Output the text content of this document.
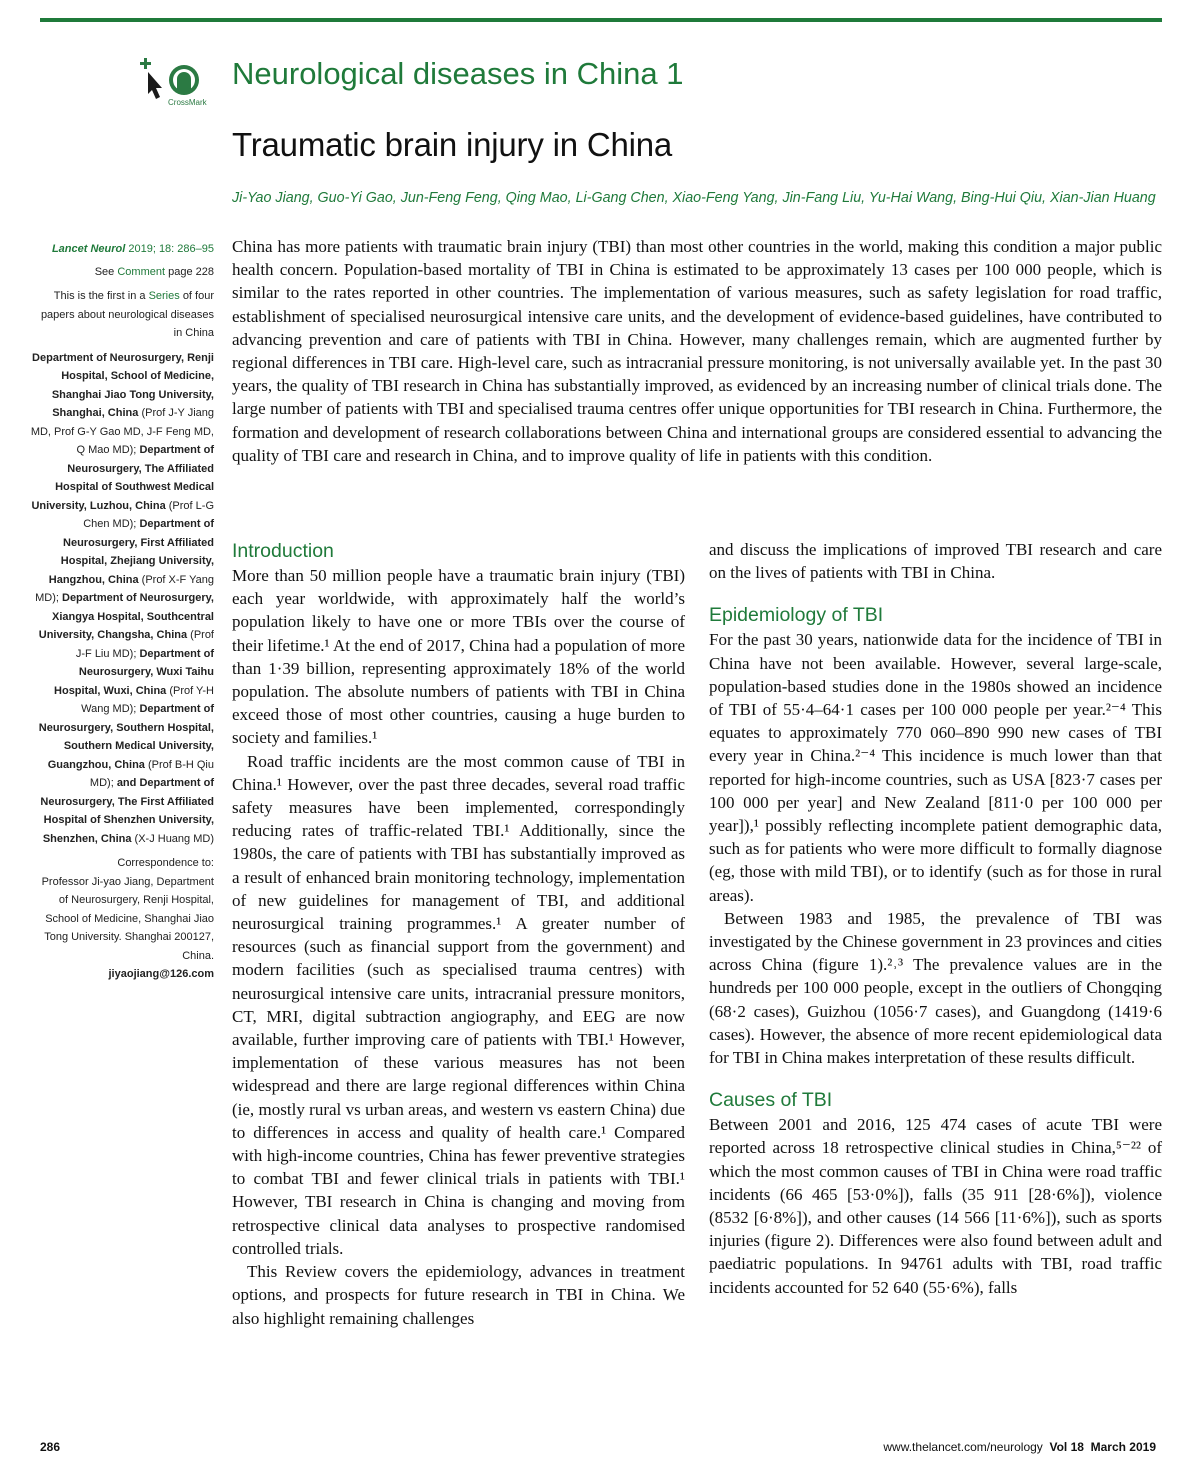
CrossMark
Neurological diseases in China 1
Traumatic brain injury in China
Ji-Yao Jiang, Guo-Yi Gao, Jun-Feng Feng, Qing Mao, Li-Gang Chen, Xiao-Feng Yang, Jin-Fang Liu, Yu-Hai Wang, Bing-Hui Qiu, Xian-Jian Huang

Lancet Neurol 2019; 18: 286–95

See Comment page 228

This is the first in a Series of four papers about neurological diseases in China

Department of Neurosurgery, Renji Hospital, School of Medicine, Shanghai Jiao Tong University, Shanghai, China (Prof J-Y Jiang MD, Prof G-Y Gao MD, J-F Feng MD, Q Mao MD); Department of Neurosurgery, The Affiliated Hospital of Southwest Medical University, Luzhou, China (Prof L-G Chen MD); Department of Neurosurgery, First Affiliated Hospital, Zhejiang University, Hangzhou, China (Prof X-F Yang MD); Department of Neurosurgery, Xiangya Hospital, Southcentral University, Changsha, China (Prof J-F Liu MD); Department of Neurosurgery, Wuxi Taihu Hospital, Wuxi, China (Prof Y-H Wang MD); Department of Neurosurgery, Southern Hospital, Southern Medical University, Guangzhou, China (Prof B-H Qiu MD); and Department of Neurosurgery, The First Affiliated Hospital of Shenzhen University, Shenzhen, China (X-J Huang MD)

Correspondence to:

Professor Ji-yao Jiang, Department of Neurosurgery, Renji Hospital, School of Medicine, Shanghai Jiao Tong University. Shanghai 200127, China.

jiyaojiang@126.com

China has more patients with traumatic brain injury (TBI) than most other countries in the world, making this condition a major public health concern. Population-based mortality of TBI in China is estimated to be approximately 13 cases per 100 000 people, which is similar to the rates reported in other countries. The implementation of various measures, such as safety legislation for road traffic, establishment of specialised neurosurgical intensive care units, and the development of evidence-based guidelines, have contributed to advancing prevention and care of patients with TBI in China. However, many challenges remain, which are augmented further by regional differences in TBI care. High-level care, such as intracranial pressure monitoring, is not universally available yet. In the past 30 years, the quality of TBI research in China has substantially improved, as evidenced by an increasing number of clinical trials done. The large number of patients with TBI and specialised trauma centres offer unique opportunities for TBI research in China. Furthermore, the formation and development of research collaborations between China and international groups are considered essential to advancing the quality of TBI care and research in China, and to improve quality of life in patients with this condition.
Introduction

More than 50 million people have a traumatic brain injury (TBI) each year worldwide, with approximately half the world’s population likely to have one or more TBIs over the course of their lifetime.¹ At the end of 2017, China had a population of more than 1·39 billion, representing approximately 18% of the world population. The absolute numbers of patients with TBI in China exceed those of most other countries, causing a huge burden to society and families.¹

Road traffic incidents are the most common cause of TBI in China.¹ However, over the past three decades, several road traffic safety measures have been implemented, correspondingly reducing rates of traffic-related TBI.¹ Additionally, since the 1980s, the care of patients with TBI has substantially improved as a result of enhanced brain monitoring technology, implementation of new guidelines for management of TBI, and additional neurosurgical training programmes.¹ A greater number of resources (such as financial support from the government) and modern facilities (such as specialised trauma centres) with neurosurgical intensive care units, intracranial pressure monitors, CT, MRI, digital subtraction angiography, and EEG are now available, further improving care of patients with TBI.¹ However, implementation of these various measures has not been widespread and there are large regional differences within China (ie, mostly rural vs urban areas, and western vs eastern China) due to differences in access and quality of health care.¹ Compared with high-income countries, China has fewer preventive strategies to combat TBI and fewer clinical trials in patients with TBI.¹ However, TBI research in China is changing and moving from retrospective clinical data analyses to prospective randomised controlled trials.

This Review covers the epidemiology, advances in treatment options, and prospects for future research in TBI in China. We also highlight remaining challenges

and discuss the implications of improved TBI research and care on the lives of patients with TBI in China.

Epidemiology of TBI

For the past 30 years, nationwide data for the incidence of TBI in China have not been available. However, several large-scale, population-based studies done in the 1980s showed an incidence of TBI of 55·4–64·1 cases per 100 000 people per year.²⁻⁴ This equates to approximately 770 060–890 990 new cases of TBI every year in China.²⁻⁴ This incidence is much lower than that reported for high-income countries, such as USA [823·7 cases per 100 000 per year] and New Zealand [811·0 per 100 000 per year]),¹ possibly reflecting incomplete patient demographic data, such as for patients who were more difficult to formally diagnose (eg, those with mild TBI), or to identify (such as for those in rural areas).

Between 1983 and 1985, the prevalence of TBI was investigated by the Chinese government in 23 provinces and cities across China (figure 1).²˒³ The prevalence values are in the hundreds per 100 000 people, except in the outliers of Chongqing (68·2 cases), Guizhou (1056·7 cases), and Guangdong (1419·6 cases). However, the absence of more recent epidemiological data for TBI in China makes interpretation of these results difficult.

Causes of TBI

Between 2001 and 2016, 125 474 cases of acute TBI were reported across 18 retrospective clinical studies in China,⁵⁻²² of which the most common causes of TBI in China were road traffic incidents (66 465 [53·0%]), falls (35 911 [28·6%]), violence (8532 [6·8%]), and other causes (14 566 [11·6%]), such as sports injuries (figure 2). Differences were also found between adult and paediatric populations. In 94761 adults with TBI, road traffic incidents accounted for 52 640 (55·6%), falls

286	www.thelancet.com/neurology Vol 18 March 2019
